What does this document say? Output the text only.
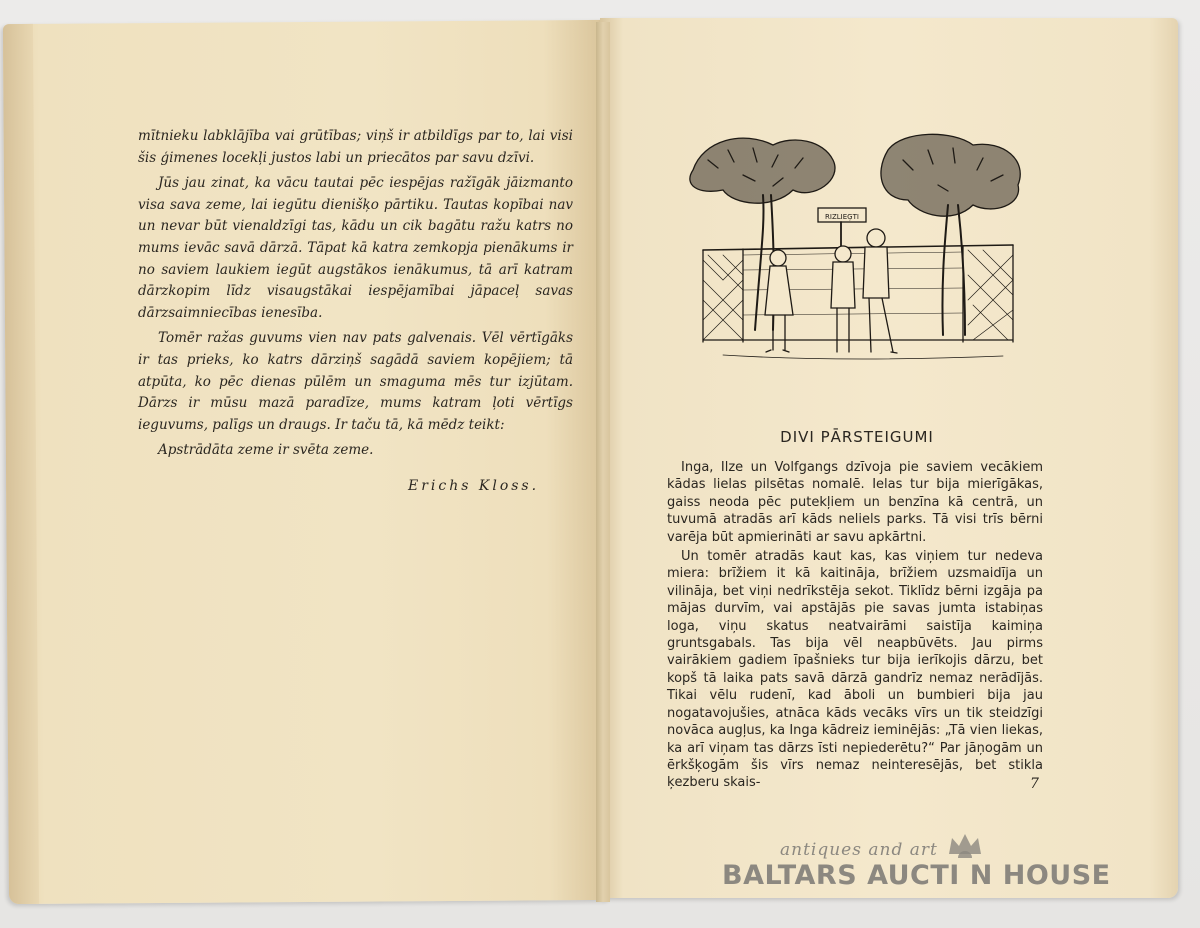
mītnieku labklājība vai grūtības; viņš ir atbildīgs par to, lai visi šis ģimenes locekļi justos labi un priecātos par savu dzīvi.

Jūs jau zinat, ka vācu tautai pēc iespējas ražīgāk jāizmanto visa sava zeme, lai iegūtu dienišķo pārtiku. Tautas kopībai nav un nevar būt vienaldzīgi tas, kādu un cik bagātu ražu katrs no mums ievāc savā dārzā. Tāpat kā katra zemkopja pienākums ir no saviem laukiem iegūt augstākos ienākumus, tā arī katram dārzkopim līdz visaugstākai iespējamībai jāpaceļ savas dārzsaimniecības ienesība.

Tomēr ražas guvums vien nav pats galvenais. Vēl vērtīgāks ir tas prieks, ko katrs dārziņš sagādā saviem kopējiem; tā atpūta, ko pēc dienas pūlēm un smaguma mēs tur izjūtam. Dārzs ir mūsu mazā paradīze, mums katram ļoti vērtīgs ieguvums, palīgs un draugs. Ir taču tā, kā mēdz teikt:

Apstrādāta zeme ir svēta zeme.

Erichs Kloss.
RIZLIEĢTI
DIVI PĀRSTEIGUMI

Inga, Ilze un Volfgangs dzīvoja pie saviem vecākiem kādas lielas pilsētas nomalē. Ielas tur bija mierīgākas, gaiss neoda pēc putekļiem un benzīna kā centrā, un tuvumā atradās arī kāds neliels parks. Tā visi trīs bērni varēja būt apmierināti ar savu apkārtni.

Un tomēr atradās kaut kas, kas viņiem tur nedeva miera: brīžiem it kā kaitināja, brīžiem uzsmaidīja un vilināja, bet viņi nedrīkstēja sekot. Tiklīdz bērni izgāja pa mājas durvīm, vai apstājās pie savas jumta istabiņas loga, viņu skatus neatvairāmi saistīja kaimiņa gruntsgabals. Tas bija vēl neapbūvēts. Jau pirms vairākiem gadiem īpašnieks tur bija ierīkojis dārzu, bet kopš tā laika pats savā dārzā gandrīz nemaz nerādījās. Tikai vēlu rudenī, kad āboli un bumbieri bija jau nogatavojušies, atnāca kāds vecāks vīrs un tik steidzīgi novāca augļus, ka Inga kādreiz ieminējās: „Tā vien liekas, ka arī viņam tas dārzs īsti nepiederētu?“ Par jāņogām un ērkšķogām šis vīrs nemaz neinteresējās, bet stikla ķezberu skais-	7
antiques and art
BALTARS AUCTI N HOUSE
